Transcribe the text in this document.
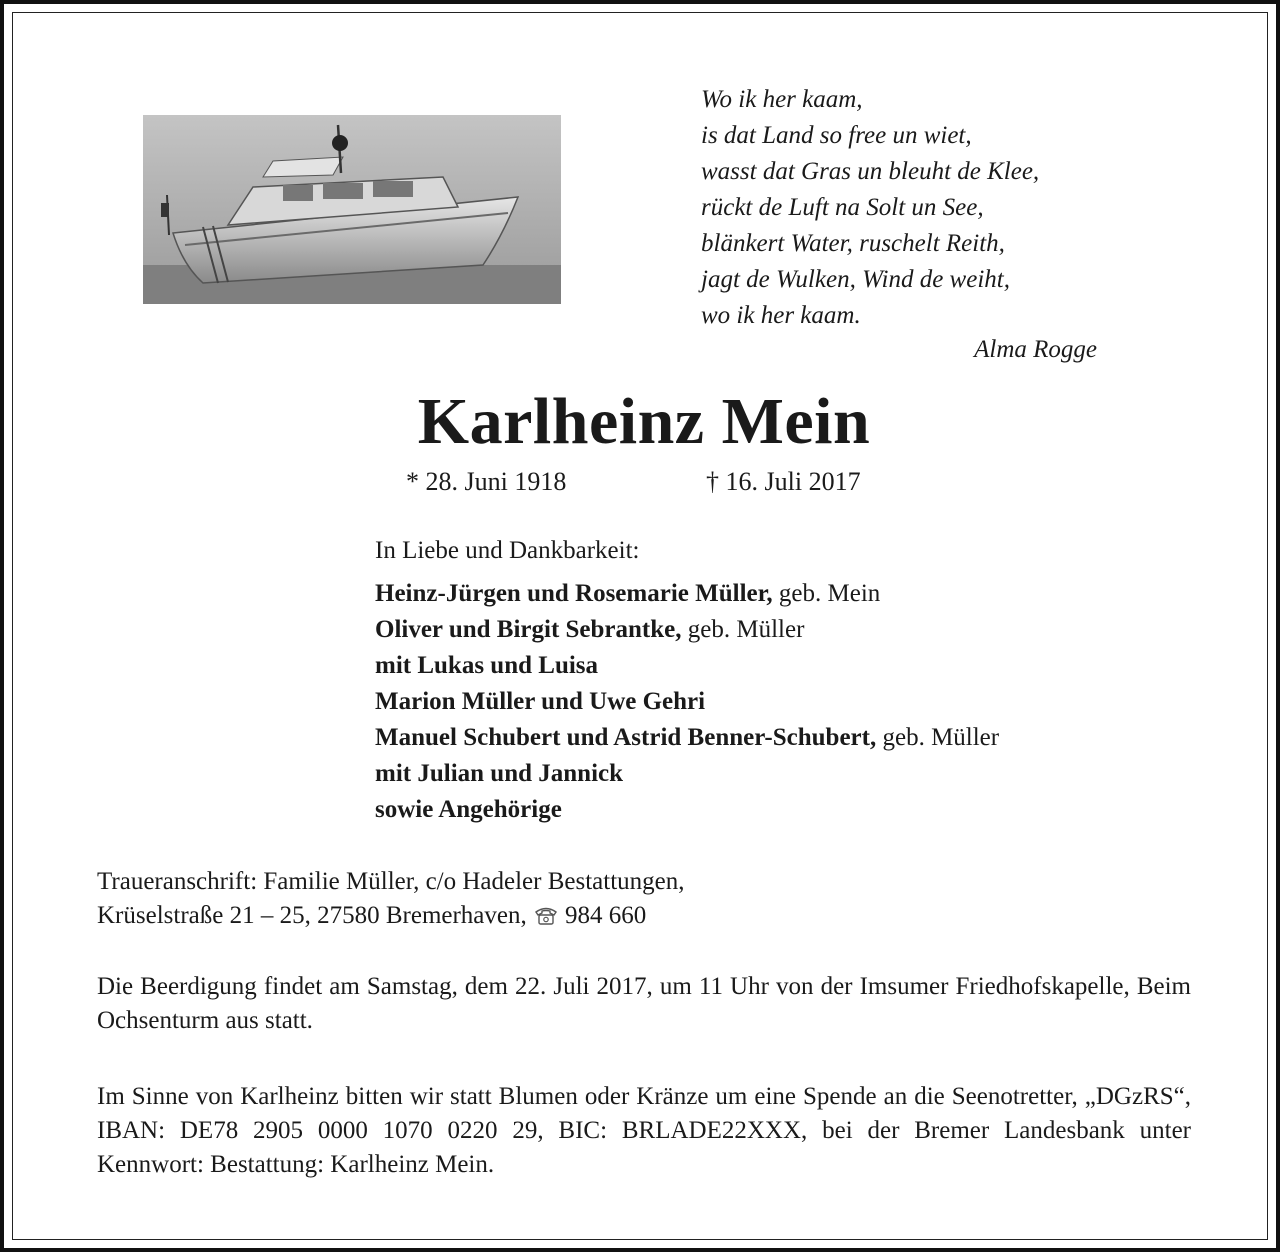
Wo ik her kaam,
is dat Land so free un wiet,
wasst dat Gras un bleuht de Klee,
rückt de Luft na Solt un See,
blänkert Water, ruschelt Reith,
jagt de Wulken, Wind de weiht,
wo ik her kaam.
Alma Rogge
Karlheinz Mein
* 28. Juni 1918	† 16. Juli 2017
In Liebe und Dankbarkeit:
Heinz-Jürgen und Rosemarie Müller, geb. Mein
Oliver und Birgit Sebrantke, geb. Müller
mit Lukas und Luisa
Marion Müller und Uwe Gehri
Manuel Schubert und Astrid Benner-Schubert, geb. Müller
mit Julian und Jannick
sowie Angehörige
Traueranschrift: Familie Müller, c/o Hadeler Bestattungen,
Krüselstraße 21 – 25, 27580 Bremerhaven, 984 660
Die Beerdigung findet am Samstag, dem 22. Juli 2017, um 11 Uhr von der Imsumer Friedhofskapelle, Beim Ochsenturm aus statt.
Im Sinne von Karlheinz bitten wir statt Blumen oder Kränze um eine Spende an die Seenotretter, „DGzRS“, IBAN: DE78 2905 0000 1070 0220 29, BIC: BRLADE22XXX, bei der Bremer Landesbank unter Kennwort: Bestattung: Karlheinz Mein.
